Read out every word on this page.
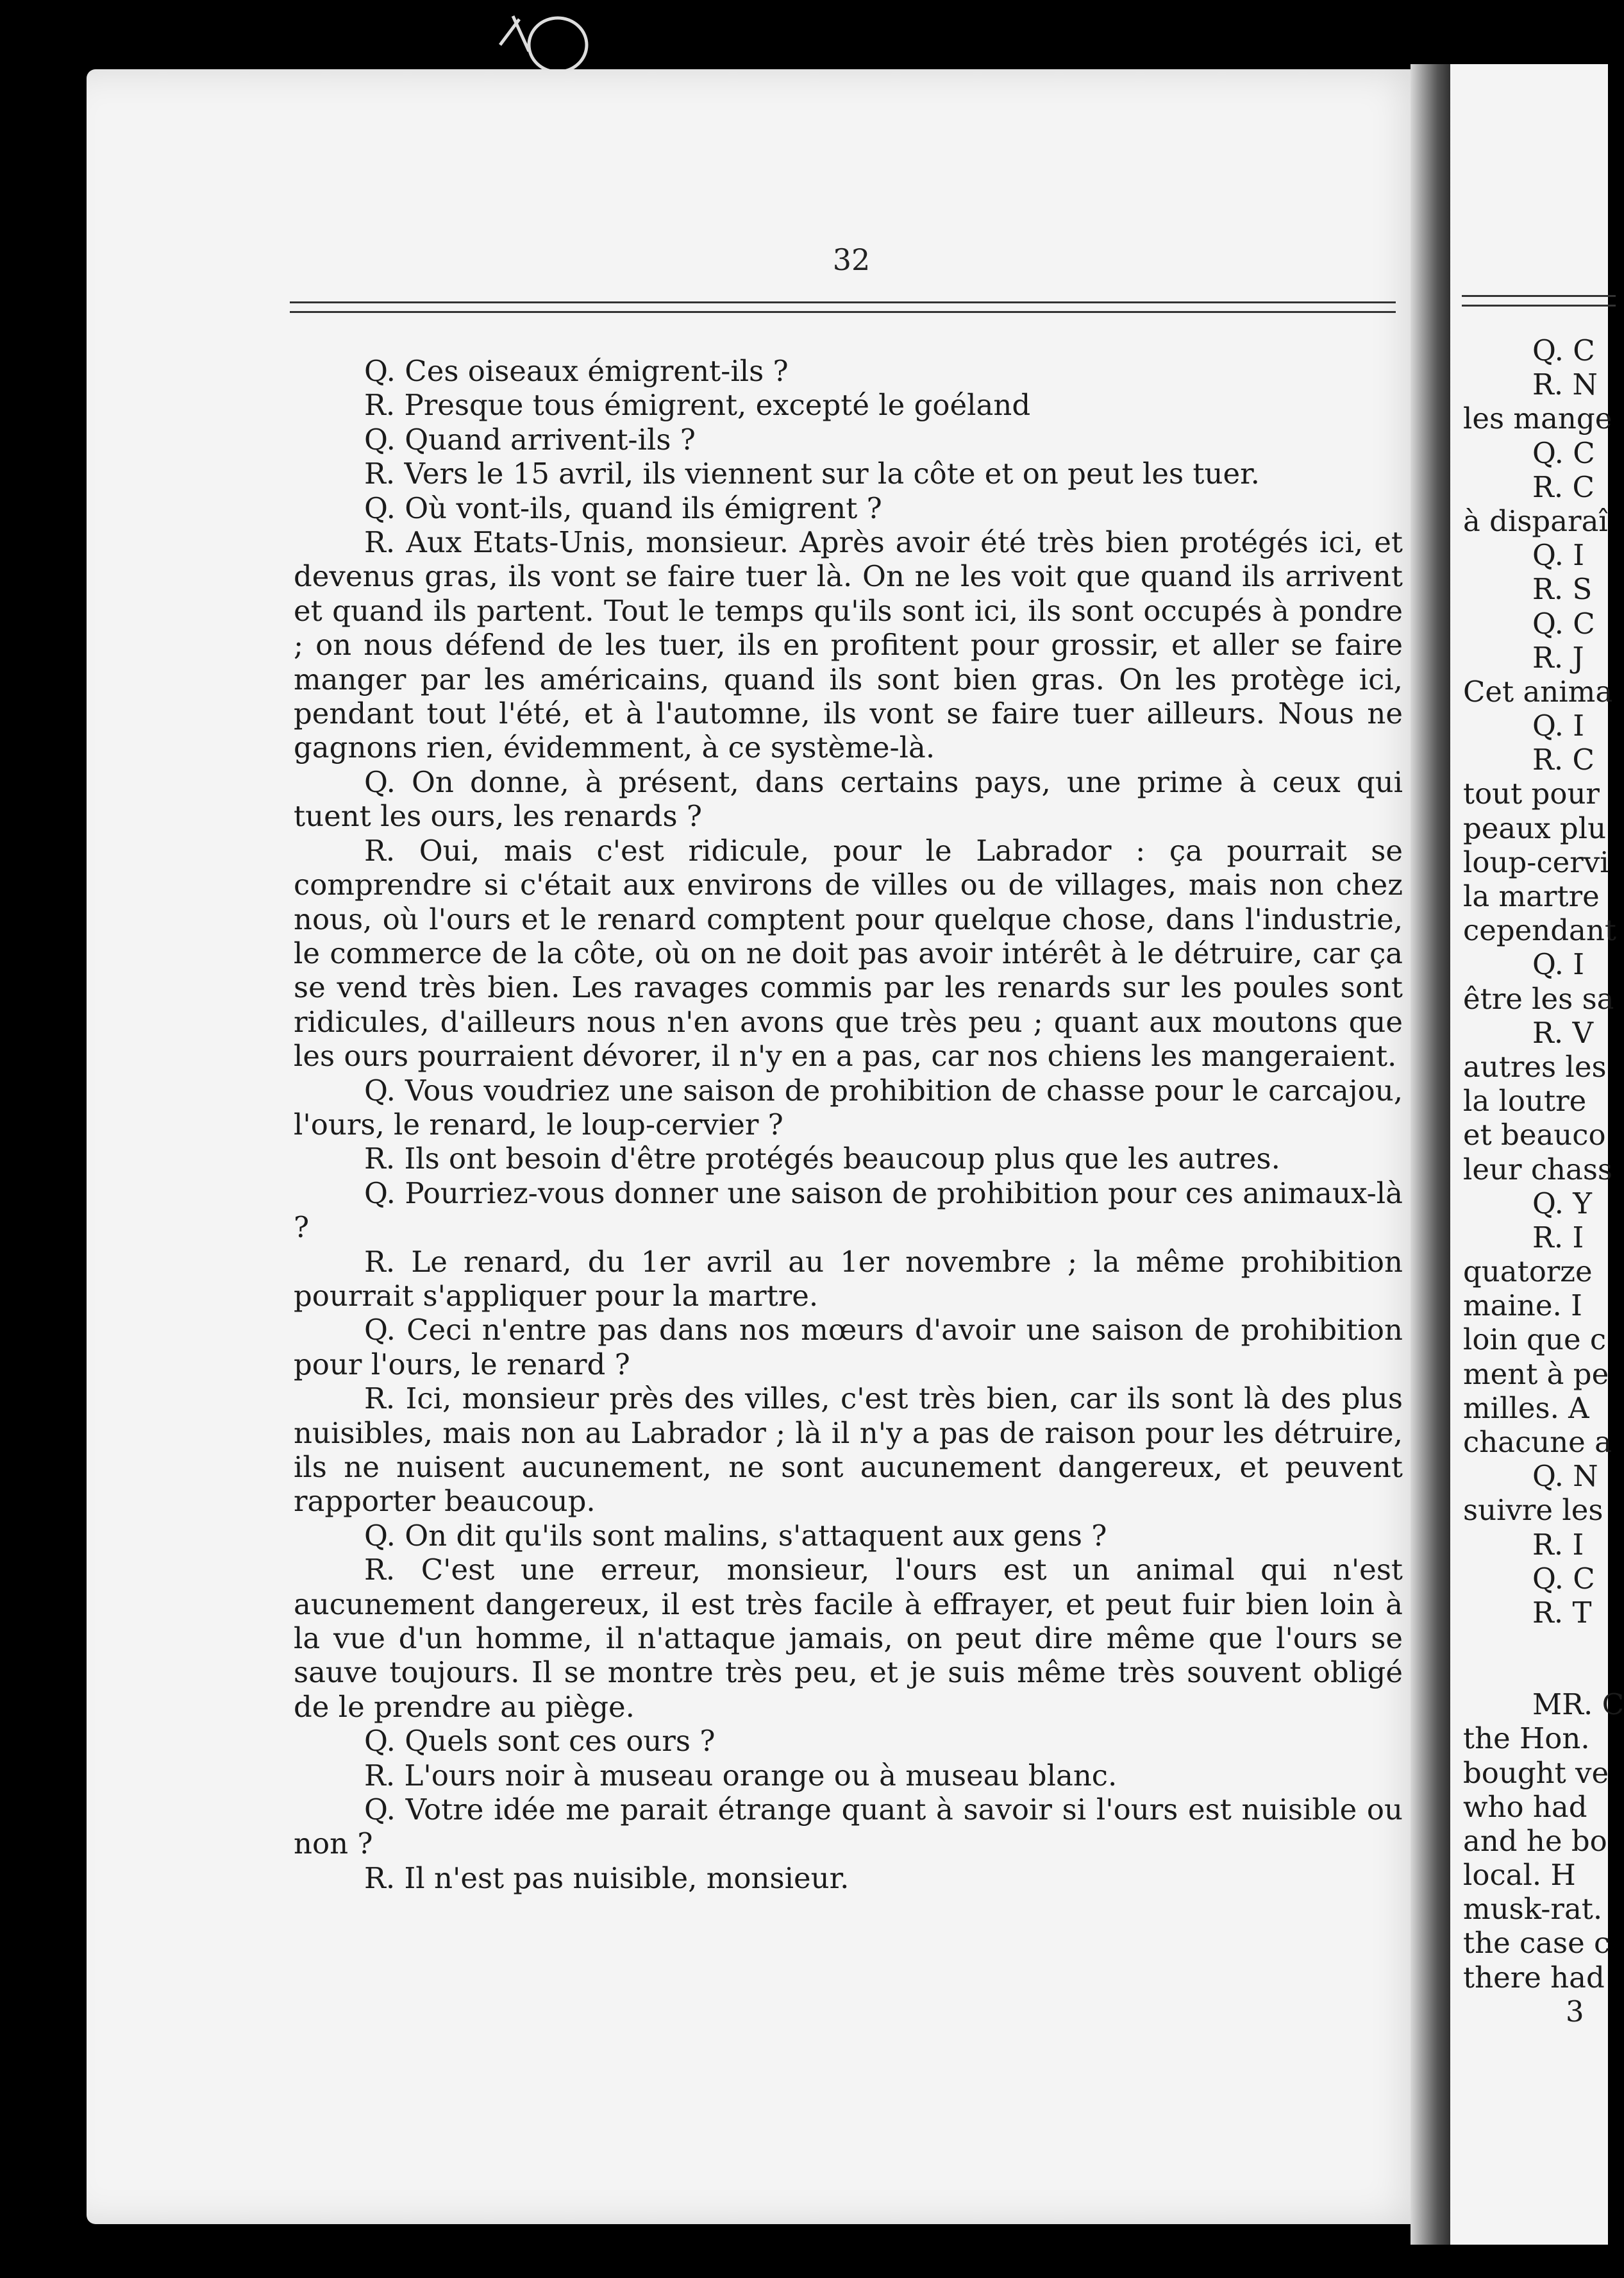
Q. C
R. N
les mange
Q. C
R. C
à disparaî
Q. I
R. S
Q. C
R. J
Cet anima
Q. I
R. C
tout pour
peaux plu
loup-cervi
la martre
cependant
Q. I
être les sa
R. V
autres les
la loutre
et beauco
leur chass
Q. Y
R. I
quatorze
maine. I
loin que c
ment à pe
milles. A
chacune a
Q. N
suivre les
R. I
Q. C
R. T
MR. C
the Hon.
bought ve
who had
and he bo
local. H
musk-rat.
the case c
there had
3
32

Q. Ces oiseaux émigrent-ils ?

R. Presque tous émigrent, excepté le goéland

Q. Quand arrivent-ils ?

R. Vers le 15 avril, ils viennent sur la côte et on peut les tuer.

Q. Où vont-ils, quand ils émigrent ?

R. Aux Etats-Unis, monsieur. Après avoir été très bien protégés ici, et devenus gras, ils vont se faire tuer là. On ne les voit que quand ils arrivent et quand ils partent. Tout le temps qu'ils sont ici, ils sont occupés à pondre ; on nous défend de les tuer, ils en profitent pour grossir, et aller se faire manger par les américains, quand ils sont bien gras. On les protège ici, pendant tout l'été, et à l'automne, ils vont se faire tuer ailleurs. Nous ne gagnons rien, évidemment, à ce système-là.

Q. On donne, à présent, dans certains pays, une prime à ceux qui tuent les ours, les renards ?

R. Oui, mais c'est ridicule, pour le Labrador : ça pourrait se comprendre si c'était aux environs de villes ou de villages, mais non chez nous, où l'ours et le renard comptent pour quelque chose, dans l'industrie, le commerce de la côte, où on ne doit pas avoir intérêt à le détruire, car ça se vend très bien. Les ravages commis par les renards sur les poules sont ridicules, d'ailleurs nous n'en avons que très peu ; quant aux moutons que les ours pourraient dévorer, il n'y en a pas, car nos chiens les mangeraient.

Q. Vous voudriez une saison de prohibition de chasse pour le carcajou, l'ours, le renard, le loup-cervier ?

R. Ils ont besoin d'être protégés beaucoup plus que les autres.

Q. Pourriez-vous donner une saison de prohibition pour ces animaux-là ?

R. Le renard, du 1er avril au 1er novembre ; la même prohibition pourrait s'appliquer pour la martre.

Q. Ceci n'entre pas dans nos mœurs d'avoir une saison de prohibition pour l'ours, le renard ?

R. Ici, monsieur près des villes, c'est très bien, car ils sont là des plus nuisibles, mais non au Labrador ; là il n'y a pas de raison pour les détruire, ils ne nuisent aucunement, ne sont aucunement dangereux, et peuvent rapporter beaucoup.

Q. On dit qu'ils sont malins, s'attaquent aux gens ?

R. C'est une erreur, monsieur, l'ours est un animal qui n'est aucunement dangereux, il est très facile à effrayer, et peut fuir bien loin à la vue d'un homme, il n'attaque jamais, on peut dire même que l'ours se sauve toujours. Il se montre très peu, et je suis même très souvent obligé de le prendre au piège.

Q. Quels sont ces ours ?

R. L'ours noir à museau orange ou à museau blanc.

Q. Votre idée me parait étrange quant à savoir si l'ours est nuisible ou non ?

R. Il n'est pas nuisible, monsieur.
